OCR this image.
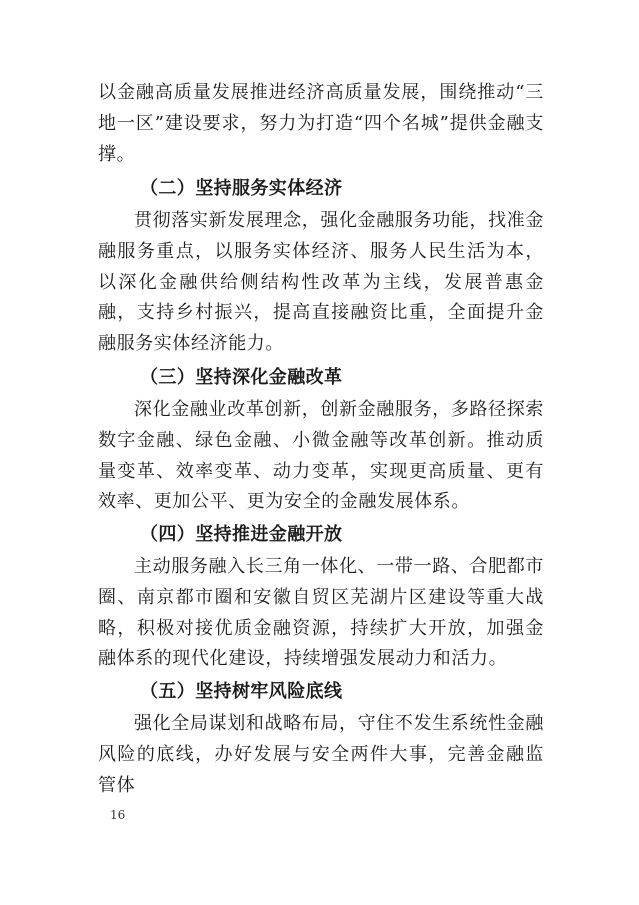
以金融高质量发展推进经济高质量发展，围绕推动“三地一区”建设要求，努力为打造“四个名城”提供金融支撑。

（二）坚持服务实体经济

贯彻落实新发展理念，强化金融服务功能，找准金融服务重点，以服务实体经济、服务人民生活为本，以深化金融供给侧结构性改革为主线，发展普惠金融，支持乡村振兴，提高直接融资比重，全面提升金融服务实体经济能力。

（三）坚持深化金融改革

深化金融业改革创新，创新金融服务，多路径探索数字金融、绿色金融、小微金融等改革创新。推动质量变革、效率变革、动力变革，实现更高质量、更有效率、更加公平、更为安全的金融发展体系。

（四）坚持推进金融开放

主动服务融入长三角一体化、一带一路、合肥都市圈、南京都市圈和安徽自贸区芜湖片区建设等重大战略，积极对接优质金融资源，持续扩大开放，加强金融体系的现代化建设，持续增强发展动力和活力。

（五）坚持树牢风险底线

强化全局谋划和战略布局，守住不发生系统性金融风险的底线，办好发展与安全两件大事，完善金融监管体

16
